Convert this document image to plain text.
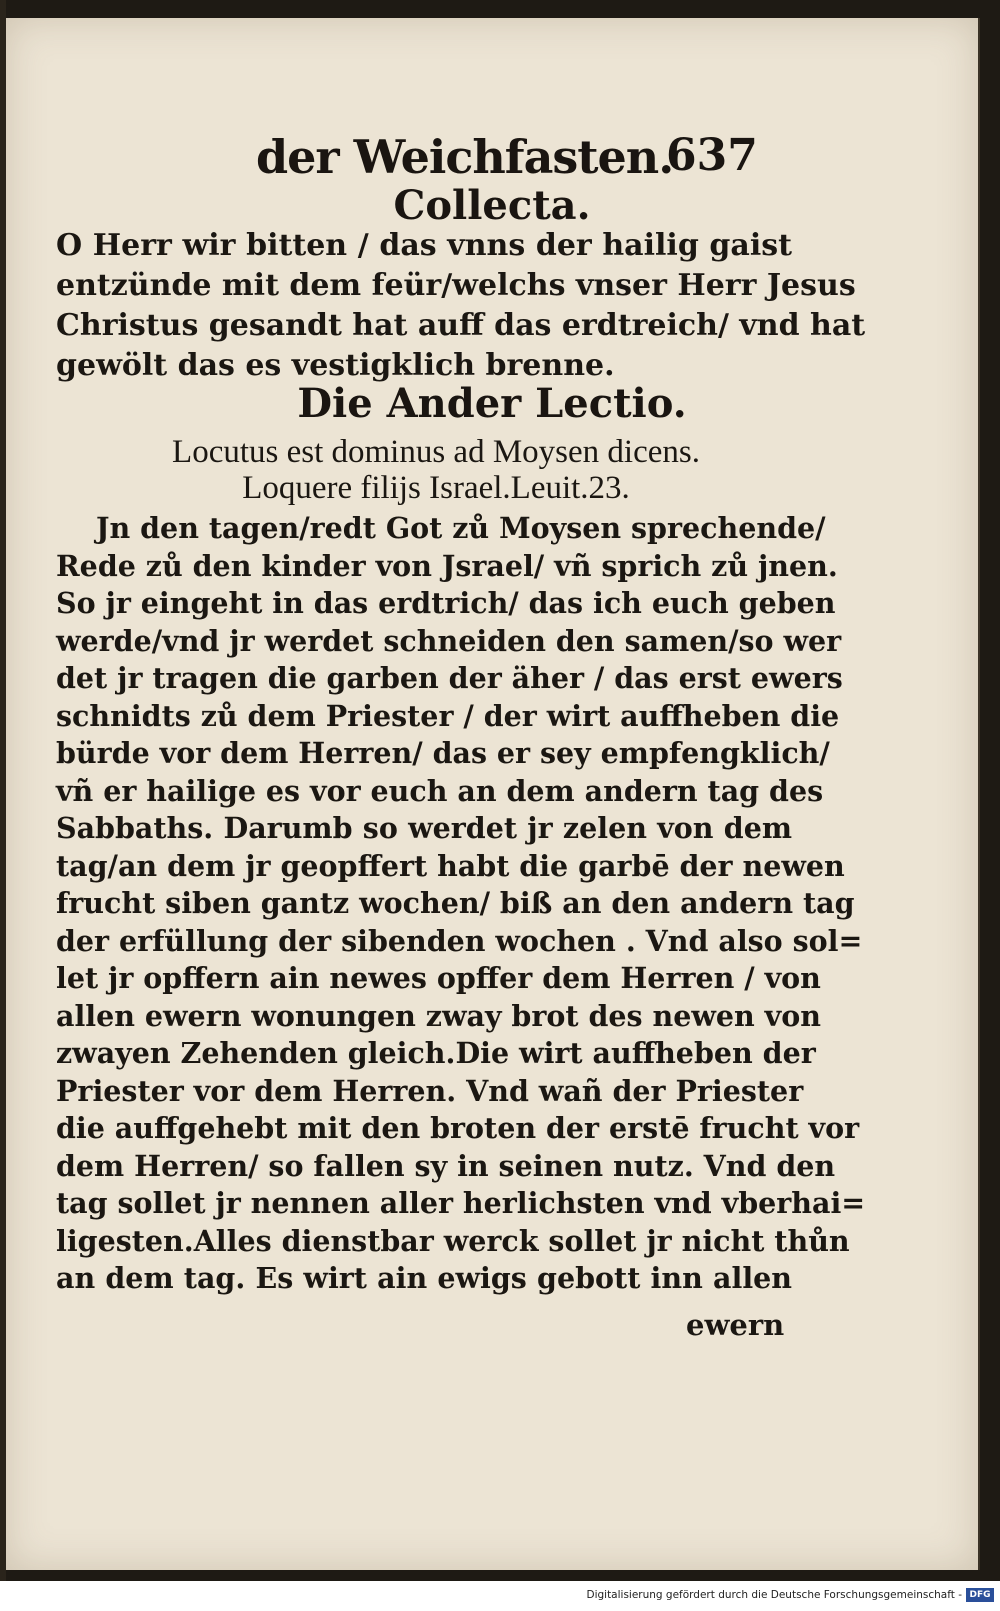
der Weichfasten.
637
Collecta.
O Herr wir bitten / das vnns der hailig gaist
entzünde mit dem feür/welchs vnser Herr Jesus
Christus gesandt hat auff das erdtreich/ vnd hat
gewölt das es vestigklich brenne.
Die Ander Lectio.
Locutus est dominus ad Moysen dicens.
Loquere filijs Israel.Leuit.23.
Jn den tagen/redt Got zů Moysen sprechende/
Rede zů den kinder von Jsrael/ vñ sprich zů jnen.
So jr eingeht in das erdtrich/ das ich euch geben
werde/vnd jr werdet schneiden den samen/so wer
det jr tragen die garben der äher / das erst ewers
schnidts zů dem Priester / der wirt auffheben die
bürde vor dem Herren/ das er sey empfengklich/
vñ er hailige es vor euch an dem andern tag des
Sabbaths. Darumb so werdet jr zelen von dem
tag/an dem jr geopffert habt die garbē der newen
frucht siben gantz wochen/ biß an den andern tag
der erfüllung der sibenden wochen . Vnd also sol=
let jr opffern ain newes opffer dem Herren / von
allen ewern wonungen zway brot des newen von
zwayen Zehenden gleich.Die wirt auffheben der
Priester vor dem Herren. Vnd wañ der Priester
die auffgehebt mit den broten der erstē frucht vor
dem Herren/ so fallen sy in seinen nutz. Vnd den
tag sollet jr nennen aller herlichsten vnd vberhai=
ligesten.Alles dienstbar werck sollet jr nicht thůn
an dem tag. Es wirt ain ewigs gebott inn allen
ewern
Digitalisierung gefördert durch die Deutsche Forschungsgemeinschaft - DFG
